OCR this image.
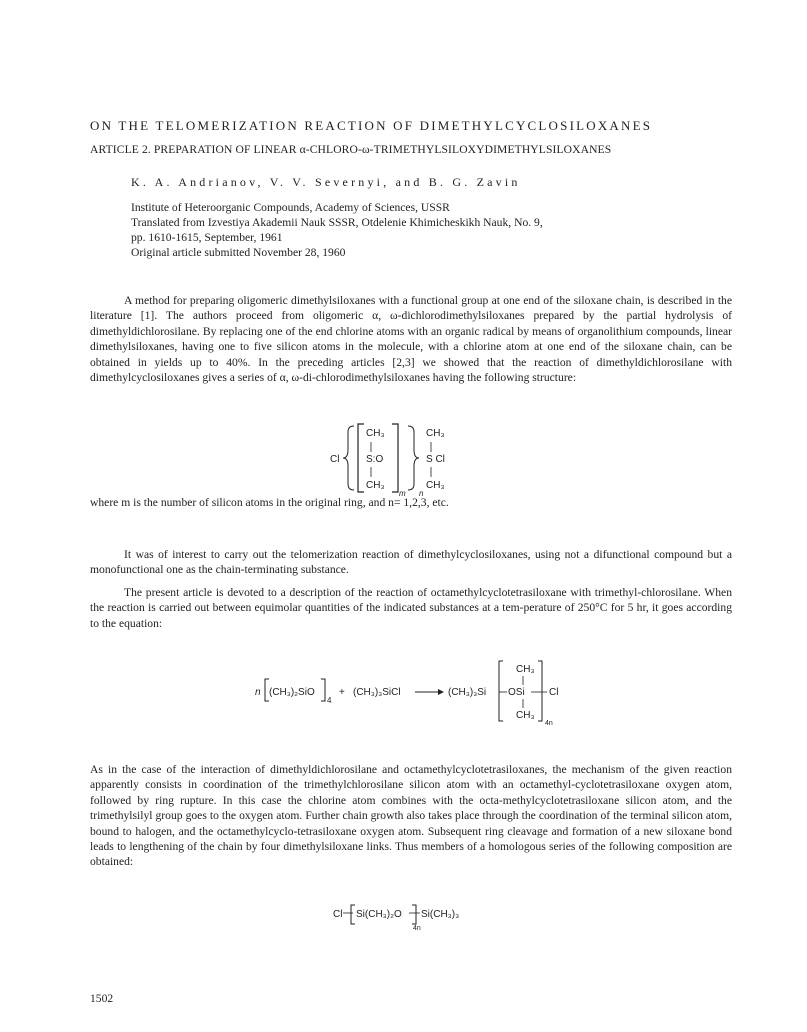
ON THE TELOMERIZATION REACTION OF DIMETHYLCYCLOSILOXANES
ARTICLE 2. PREPARATION OF LINEAR α-CHLORO-ω-TRIMETHYLSILOXYDIMETHYLSILOXANES
K. A. Andrianov, V. V. Severnyi, and B. G. Zavin
Institute of Heteroorganic Compounds, Academy of Sciences, USSR
Translated from Izvestiya Akademii Nauk SSSR, Otdelenie Khimicheskikh Nauk, No. 9,
pp. 1610-1615, September, 1961
Original article submitted November 28, 1960
A method for preparing oligomeric dimethylsiloxanes with a functional group at one end of the siloxane chain, is described in the literature [1]. The authors proceed from oligomeric α, ω-dichlorodimethylsiloxanes prepared by the partial hydrolysis of dimethyldichlorosilane. By replacing one of the end chlorine atoms with an organic radical by means of organolithium compounds, linear dimethylsiloxanes, having one to five silicon atoms in the molecule, with a chlorine atom at one end of the siloxane chain, can be obtained in yields up to 40%. In the preceding articles [2,3] we showed that the reaction of dimethyldichlorosilane with dimethylcyclosiloxanes gives a series of α, ω-di-chlorodimethylsiloxanes having the following structure:
Cl
CH₃
S:O
CH₃
m n
CH₃
S Cl
CH₃
where m is the number of silicon atoms in the original ring, and n= 1,2,3, etc.
It was of interest to carry out the telomerization reaction of dimethylcyclosiloxanes, using not a difunctional compound but a monofunctional one as the chain-terminating substance.
The present article is devoted to a description of the reaction of octamethylcyclotetrasiloxane with trimethyl-chlorosilane. When the reaction is carried out between equimolar quantities of the indicated substances at a tem-perature of 250°C for 5 hr, it goes according to the equation:
n (CH₃)₂SiO
4
+ (CH₃)₃SiCl	(CH₃)₃Si
CH₃
OSi
CH₃
4n
Cl
As in the case of the interaction of dimethyldichlorosilane and octamethylcyclotetrasiloxanes, the mechanism of the given reaction apparently consists in coordination of the trimethylchlorosilane silicon atom with an octamethyl-cyclotetrasiloxane oxygen atom, followed by ring rupture. In this case the chlorine atom combines with the octa-methylcyclotetrasiloxane silicon atom, and the trimethylsilyl group goes to the oxygen atom. Further chain growth also takes place through the coordination of the terminal silicon atom, bound to halogen, and the octamethylcyclo-tetrasiloxane oxygen atom. Subsequent ring cleavage and formation of a new siloxane bond leads to lengthening of the chain by four dimethylsiloxane links. Thus members of a homologous series of the following composition are obtained:
Cl Si(CH₃)₂O
4n
Si(CH₃)₃
1502
